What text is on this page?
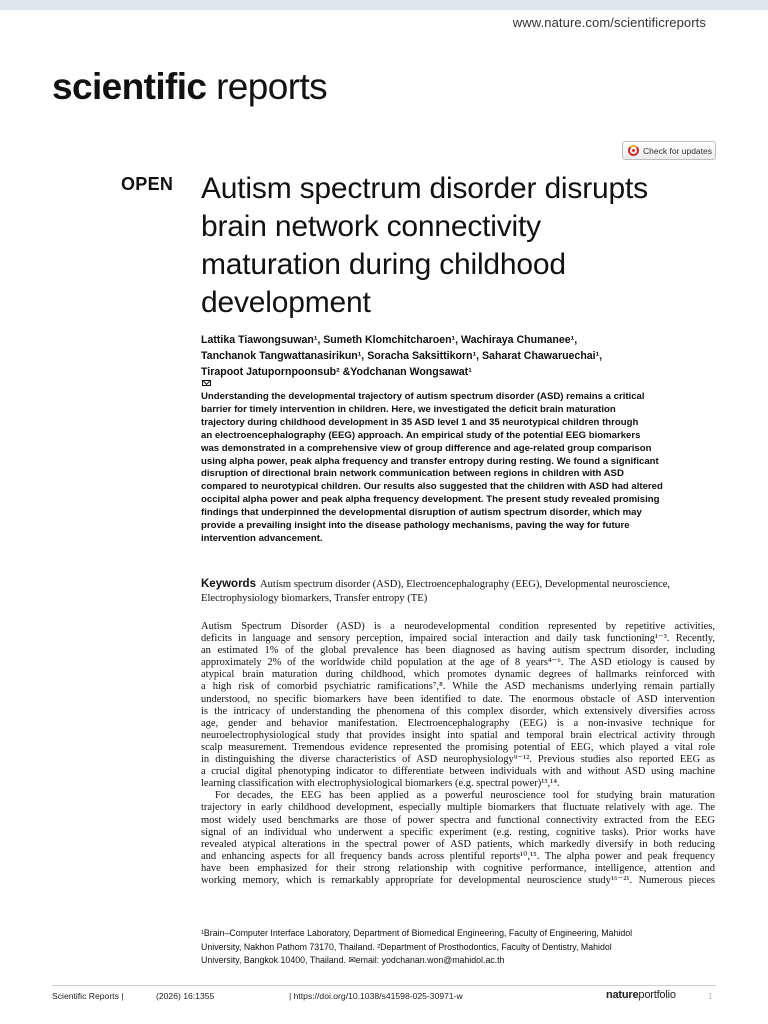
www.nature.com/scientificreports
scientific reports
Check for updates
OPEN Autism spectrum disorder disrupts
brain network connectivity
maturation during childhood
development
Lattika Tiawongsuwan¹, Sumeth Klomchitcharoen¹, Wachiraya Chumanee¹,
Tanchanok Tangwattanasirikun¹, Soracha Saksittikorn¹, Saharat Chawaruechai¹,
Tirapoot Jatupornpoonsub² &Yodchanan Wongsawat¹
Understanding the developmental trajectory of autism spectrum disorder (ASD) remains a critical
barrier for timely intervention in children. Here, we investigated the deficit brain maturation
trajectory during childhood development in 35 ASD level 1 and 35 neurotypical children through
an electroencephalography (EEG) approach. An empirical study of the potential EEG biomarkers
was demonstrated in a comprehensive view of group difference and age-related group comparison
using alpha power, peak alpha frequency and transfer entropy during resting. We found a significant
disruption of directional brain network communication between regions in children with ASD
compared to neurotypical children. Our results also suggested that the children with ASD had altered
occipital alpha power and peak alpha frequency development. The present study revealed promising
findings that underpinned the developmental disruption of autism spectrum disorder, which may
provide a prevailing insight into the disease pathology mechanisms, paving the way for future
intervention advancement.
Keywords Autism spectrum disorder (ASD), Electroencephalography (EEG), Developmental neuroscience,
Electrophysiology biomarkers, Transfer entropy (TE)
Autism Spectrum Disorder (ASD) is a neurodevelopmental condition represented by repetitive activities,
deficits in language and sensory perception, impaired social interaction and daily task functioning¹⁻³. Recently,
an estimated 1% of the global prevalence has been diagnosed as having autism spectrum disorder, including
approximately 2% of the worldwide child population at the age of 8 years⁴⁻⁶. The ASD etiology is caused by
atypical brain maturation during childhood, which promotes dynamic degrees of hallmarks reinforced with
a high risk of comorbid psychiatric ramifications⁷,⁸. While the ASD mechanisms underlying remain partially
understood, no specific biomarkers have been identified to date. The enormous obstacle of ASD intervention
is the intricacy of understanding the phenomena of this complex disorder, which extensively diversifies across
age, gender and behavior manifestation. Electroencephalography (EEG) is a non-invasive technique for
neuroelectrophysiological study that provides insight into spatial and temporal brain electrical activity through
scalp measurement. Tremendous evidence represented the promising potential of EEG, which played a vital role
in distinguishing the diverse characteristics of ASD neurophysiology⁹⁻¹². Previous studies also reported EEG as
a crucial digital phenotyping indicator to differentiate between individuals with and without ASD using machine
learning classification with electrophysiological biomarkers (e.g. spectral power)¹³,¹⁴.
For decades, the EEG has been applied as a powerful neuroscience tool for studying brain maturation
trajectory in early childhood development, especially multiple biomarkers that fluctuate relatively with age. The
most widely used benchmarks are those of power spectra and functional connectivity extracted from the EEG
signal of an individual who underwent a specific experiment (e.g. resting, cognitive tasks). Prior works have
revealed atypical alterations in the spectral power of ASD patients, which markedly diversify in both reducing
and enhancing aspects for all frequency bands across plentiful reports¹⁰,¹⁵. The alpha power and peak frequency
have been emphasized for their strong relationship with cognitive performance, intelligence, attention and
working memory, which is remarkably appropriate for developmental neuroscience study¹⁶⁻²¹. Numerous pieces
¹Brain–Computer Interface Laboratory, Department of Biomedical Engineering, Faculty of Engineering, Mahidol
University, Nakhon Pathom 73170, Thailand. ²Department of Prosthodontics, Faculty of Dentistry, Mahidol
University, Bangkok 10400, Thailand. ✉email: yodchanan.won@mahidol.ac.th
Scientific Reports |	(2026) 16:1355	| https://doi.org/10.1038/s41598-025-30971-w	natureportfolio	1
